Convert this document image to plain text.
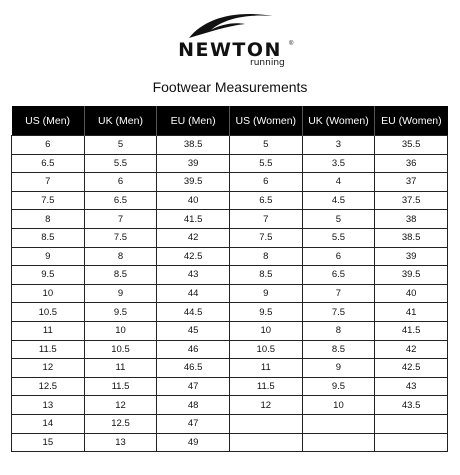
NEWTON	®
running
Footwear Measurements
US (Men)	UK (Men)	EU (Men)	US (Women)	UK (Women)	EU (Women)
6	5	38.5	5	3	35.5
6.5	5.5	39	5.5	3.5	36
7	6	39.5	6	4	37
7.5	6.5	40	6.5	4.5	37.5
8	7	41.5	7	5	38
8.5	7.5	42	7.5	5.5	38.5
9	8	42.5	8	6	39
9.5	8.5	43	8.5	6.5	39.5
10	9	44	9	7	40
10.5	9.5	44.5	9.5	7.5	41
11	10	45	10	8	41.5
11.5	10.5	46	10.5	8.5	42
12	11	46.5	11	9	42.5
12.5	11.5	47	11.5	9.5	43
13	12	48	12	10	43.5
14	12.5	47			
15	13	49			
